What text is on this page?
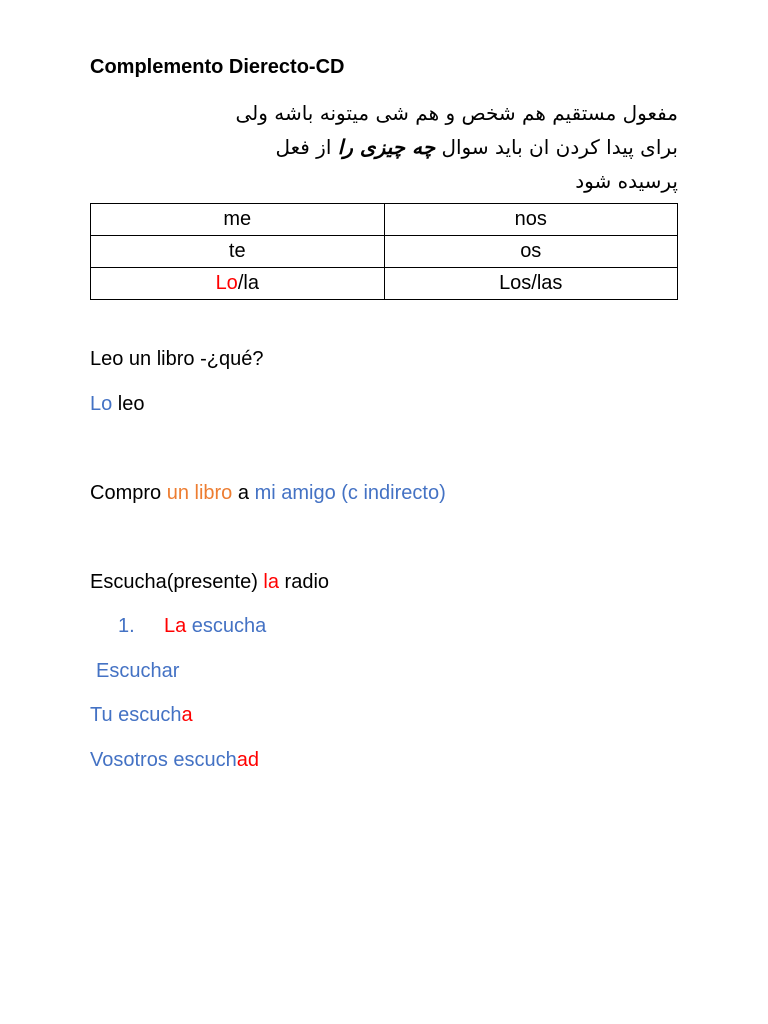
Complemento Dierecto-CD
مفعول مستقیم هم شخص و هم شی میتونه باشه ولی
برای پیدا کردن ان باید سوال چه چیزی را از فعل
پرسیده شود
me	nos
te	os
Lo/la	Los/las
Leo un libro -¿qué?
Lo leo
Compro un libro a mi amigo (c indirecto)
Escucha(presente) la radio
1. La escucha
Escuchar
Tu escucha
Vosotros escuchad
